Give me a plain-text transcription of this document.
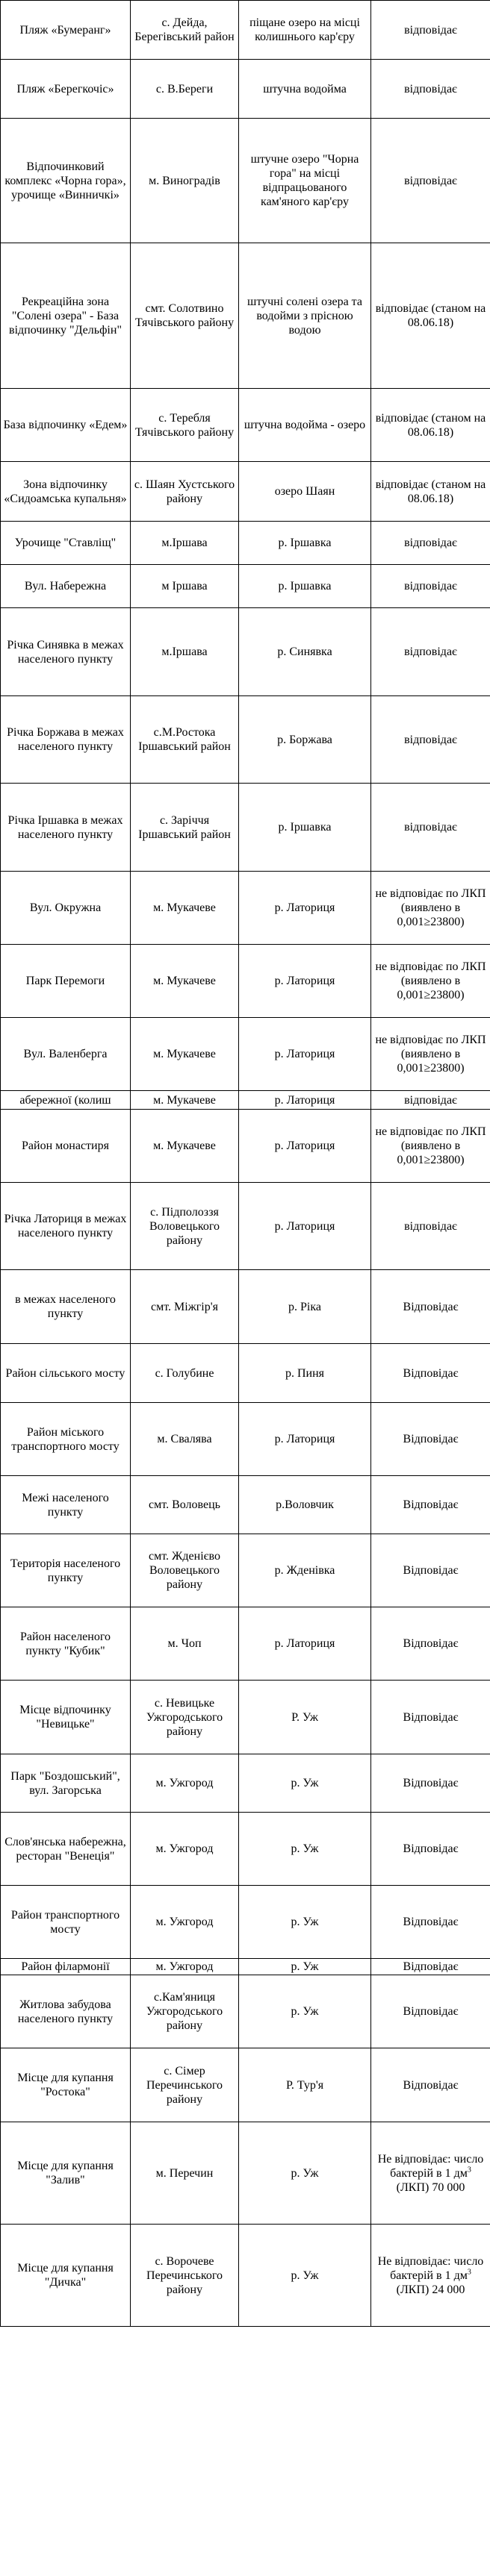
Пляж «Бумеранг»	с. Дейда, Берегівський район	піщане озеро на місці колишнього кар'єру	відповідає
Пляж «Берегкочіс»	с. В.Береги	штучна водойма	відповідає
Відпочинковий комплекс «Чорна гора», урочище «Винничкі»	м. Виноградів	штучне озеро "Чорна гора" на місці відпрацьованого кам'яного кар'єру	відповідає
Рекреаційна зона "Солені озера" - База відпочинку "Дельфін"	смт. Солотвино Тячівського району	штучні солені озера та водойми з прісною водою	відповідає (станом на 08.06.18)
База відпочинку «Едем»	с. Теребля Тячівського району	штучна водойма - озеро	відповідає (станом на 08.06.18)
Зона відпочинку «Сидоамська купальня»	с. Шаян Хустського району	озеро Шаян	відповідає (станом на 08.06.18)
Урочище "Ставліщ"	м.Іршава	р. Іршавка	відповідає
Вул. Набережна	м Іршава	р. Іршавка	відповідає
Річка Синявка в межах населеного пункту	м.Іршава	р. Синявка	відповідає
Річка Боржава в межах населеного пункту	с.М.Ростока Іршавський район	р. Боржава	відповідає
Річка Іршавка в межах населеного пункту	с. Зарiччя Іршавський район	р. Іршавка	відповідає
Вул. Окружна	м. Мукачеве	р. Латориця	не відповідає по ЛКП (виявлено в 0,001≥23800)
Парк Перемоги	м. Мукачеве	р. Латориця	не відповідає по ЛКП (виявлено в 0,001≥23800)
Вул. Валенберга	м. Мукачеве	р. Латориця	не відповідає по ЛКП (виявлено в 0,001≥23800)
абережної (колиш	м. Мукачеве	р. Латориця	відповідає
Район монастиря	м. Мукачеве	р. Латориця	не відповідає по ЛКП (виявлено в 0,001≥23800)
Річка Латориця в межах населеного пункту	с. Підполоззя Воловецького району	р. Латориця	відповідає
в межах населеного пункту	смт. Міжгір'я	р. Ріка	Відповідає
Район сільського мосту	с. Голубине	р. Пиня	Відповідає
Район міського транспортного мосту	м. Свалява	р. Латориця	Відповідає
Межі населеного пункту	смт. Воловець	р.Воловчик	Відповідає
Територія населеного пункту	смт. Жденієво Воловецького району	р. Жденівка	Відповідає
Район населеного пункту "Кубик"	м. Чоп	р. Латориця	Відповідає
Місце відпочинку "Невицьке"	с. Невицьке Ужгородського району	Р. Уж	Відповідає
Парк "Боздошський", вул. Загорська	м. Ужгород	р. Уж	Відповідає
Слов'янська набережна, ресторан "Венеція"	м. Ужгород	р. Уж	Відповідає
Район транспортного мосту	м. Ужгород	р. Уж	Відповідає
Район філармонії	м. Ужгород	р. Уж	Відповідає
Житлова забудова населеного пункту	с.Кам'яниця Ужгородського району	р. Уж	Відповідає
Місце для купання "Ростока"	с. Сімер Перечинського району	Р. Тур'я	Відповідає
Місце для купання "Залив"	м. Перечин	р. Уж	Не відповідає: число бактерій в 1 $дм^3$ (ЛКП) 70 000
Місце для купання "Дичка"	с. Ворочеве Перечинського району	р. Уж	Не відповідає: число бактерій в 1 $дм^3$ (ЛКП) 24 000
